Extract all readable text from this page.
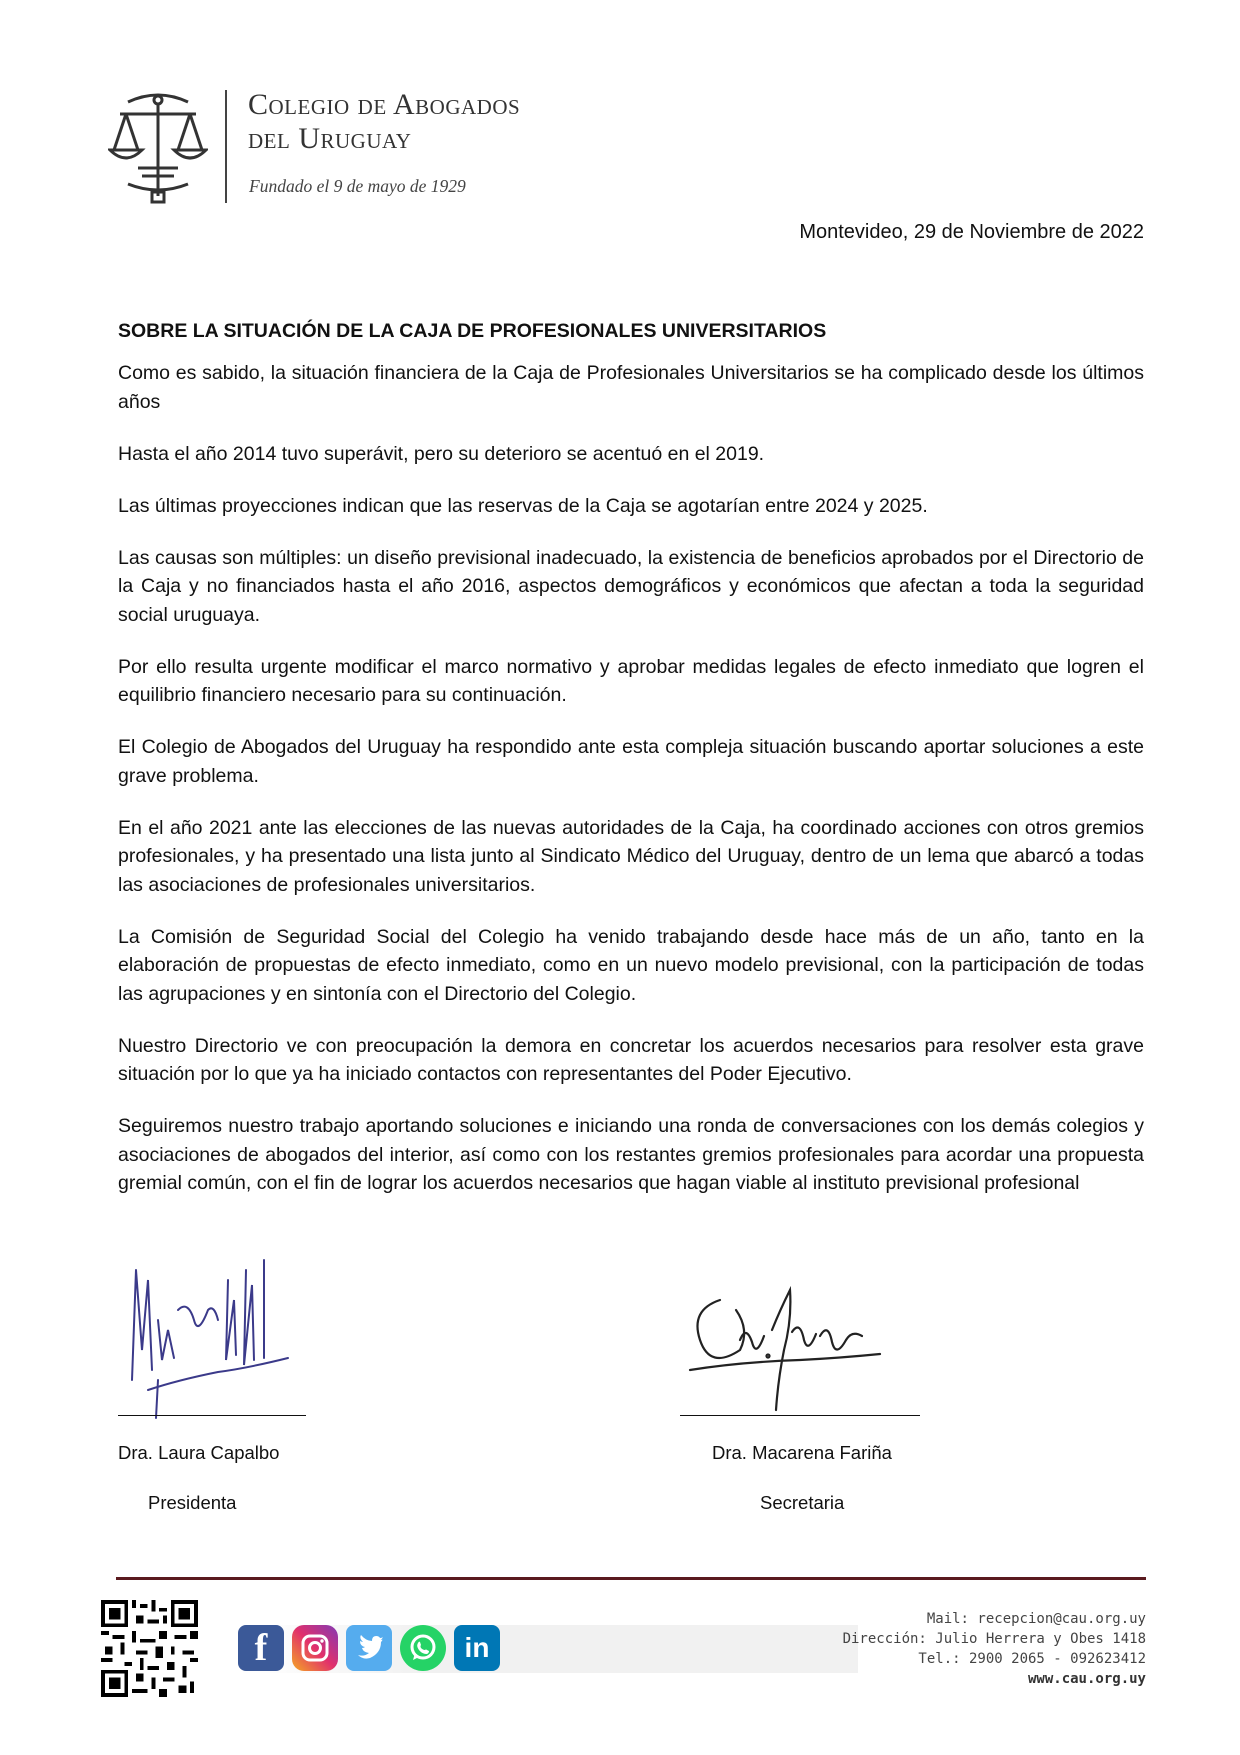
Colegio de Abogados
del Uruguay
Fundado el 9 de mayo de 1929
Montevideo, 29 de Noviembre de 2022
SOBRE LA SITUACIÓN DE LA CAJA DE PROFESIONALES UNIVERSITARIOS

Como es sabido, la situación financiera de la Caja de Profesionales Universitarios se ha complicado desde los últimos años

Hasta el año 2014 tuvo superávit, pero su deterioro se acentuó en el 2019.

Las últimas proyecciones indican que las reservas de la Caja se agotarían entre 2024 y 2025.

Las causas son múltiples: un diseño previsional inadecuado, la existencia de beneficios aprobados por el Directorio de la Caja y no financiados hasta el año 2016, aspectos demográficos y económicos que afectan a toda la seguridad social uruguaya.

Por ello resulta urgente modificar el marco normativo y aprobar medidas legales de efecto inmediato que logren el equilibrio financiero necesario para su continuación.

El Colegio de Abogados del Uruguay ha respondido ante esta compleja situación buscando aportar soluciones a este grave problema.

En el año 2021 ante las elecciones de las nuevas autoridades de la Caja, ha coordinado acciones con otros gremios profesionales, y ha presentado una lista junto al Sindicato Médico del Uruguay, dentro de un lema que abarcó a todas las asociaciones de profesionales universitarios.

La Comisión de Seguridad Social del Colegio ha venido trabajando desde hace más de un año, tanto en la elaboración de propuestas de efecto inmediato, como en un nuevo modelo previsional, con la participación de todas las agrupaciones y en sintonía con el Directorio del Colegio.

Nuestro Directorio ve con preocupación la demora en concretar los acuerdos necesarios para resolver esta grave situación por lo que ya ha iniciado contactos con representantes del Poder Ejecutivo.

Seguiremos nuestro trabajo aportando soluciones e iniciando una ronda de conversaciones con los demás colegios y asociaciones de abogados del interior, así como con los restantes gremios profesionales para acordar una propuesta gremial común, con el fin de lograr los acuerdos necesarios que hagan viable al instituto previsional profesional

Dra. Laura Capalbo
Presidenta
Dra. Macarena Fariña
Secretaria
f	in
Mail: recepcion@cau.org.uy
Dirección: Julio Herrera y Obes 1418
Tel.: 2900 2065 - 092623412
www.cau.org.uy
